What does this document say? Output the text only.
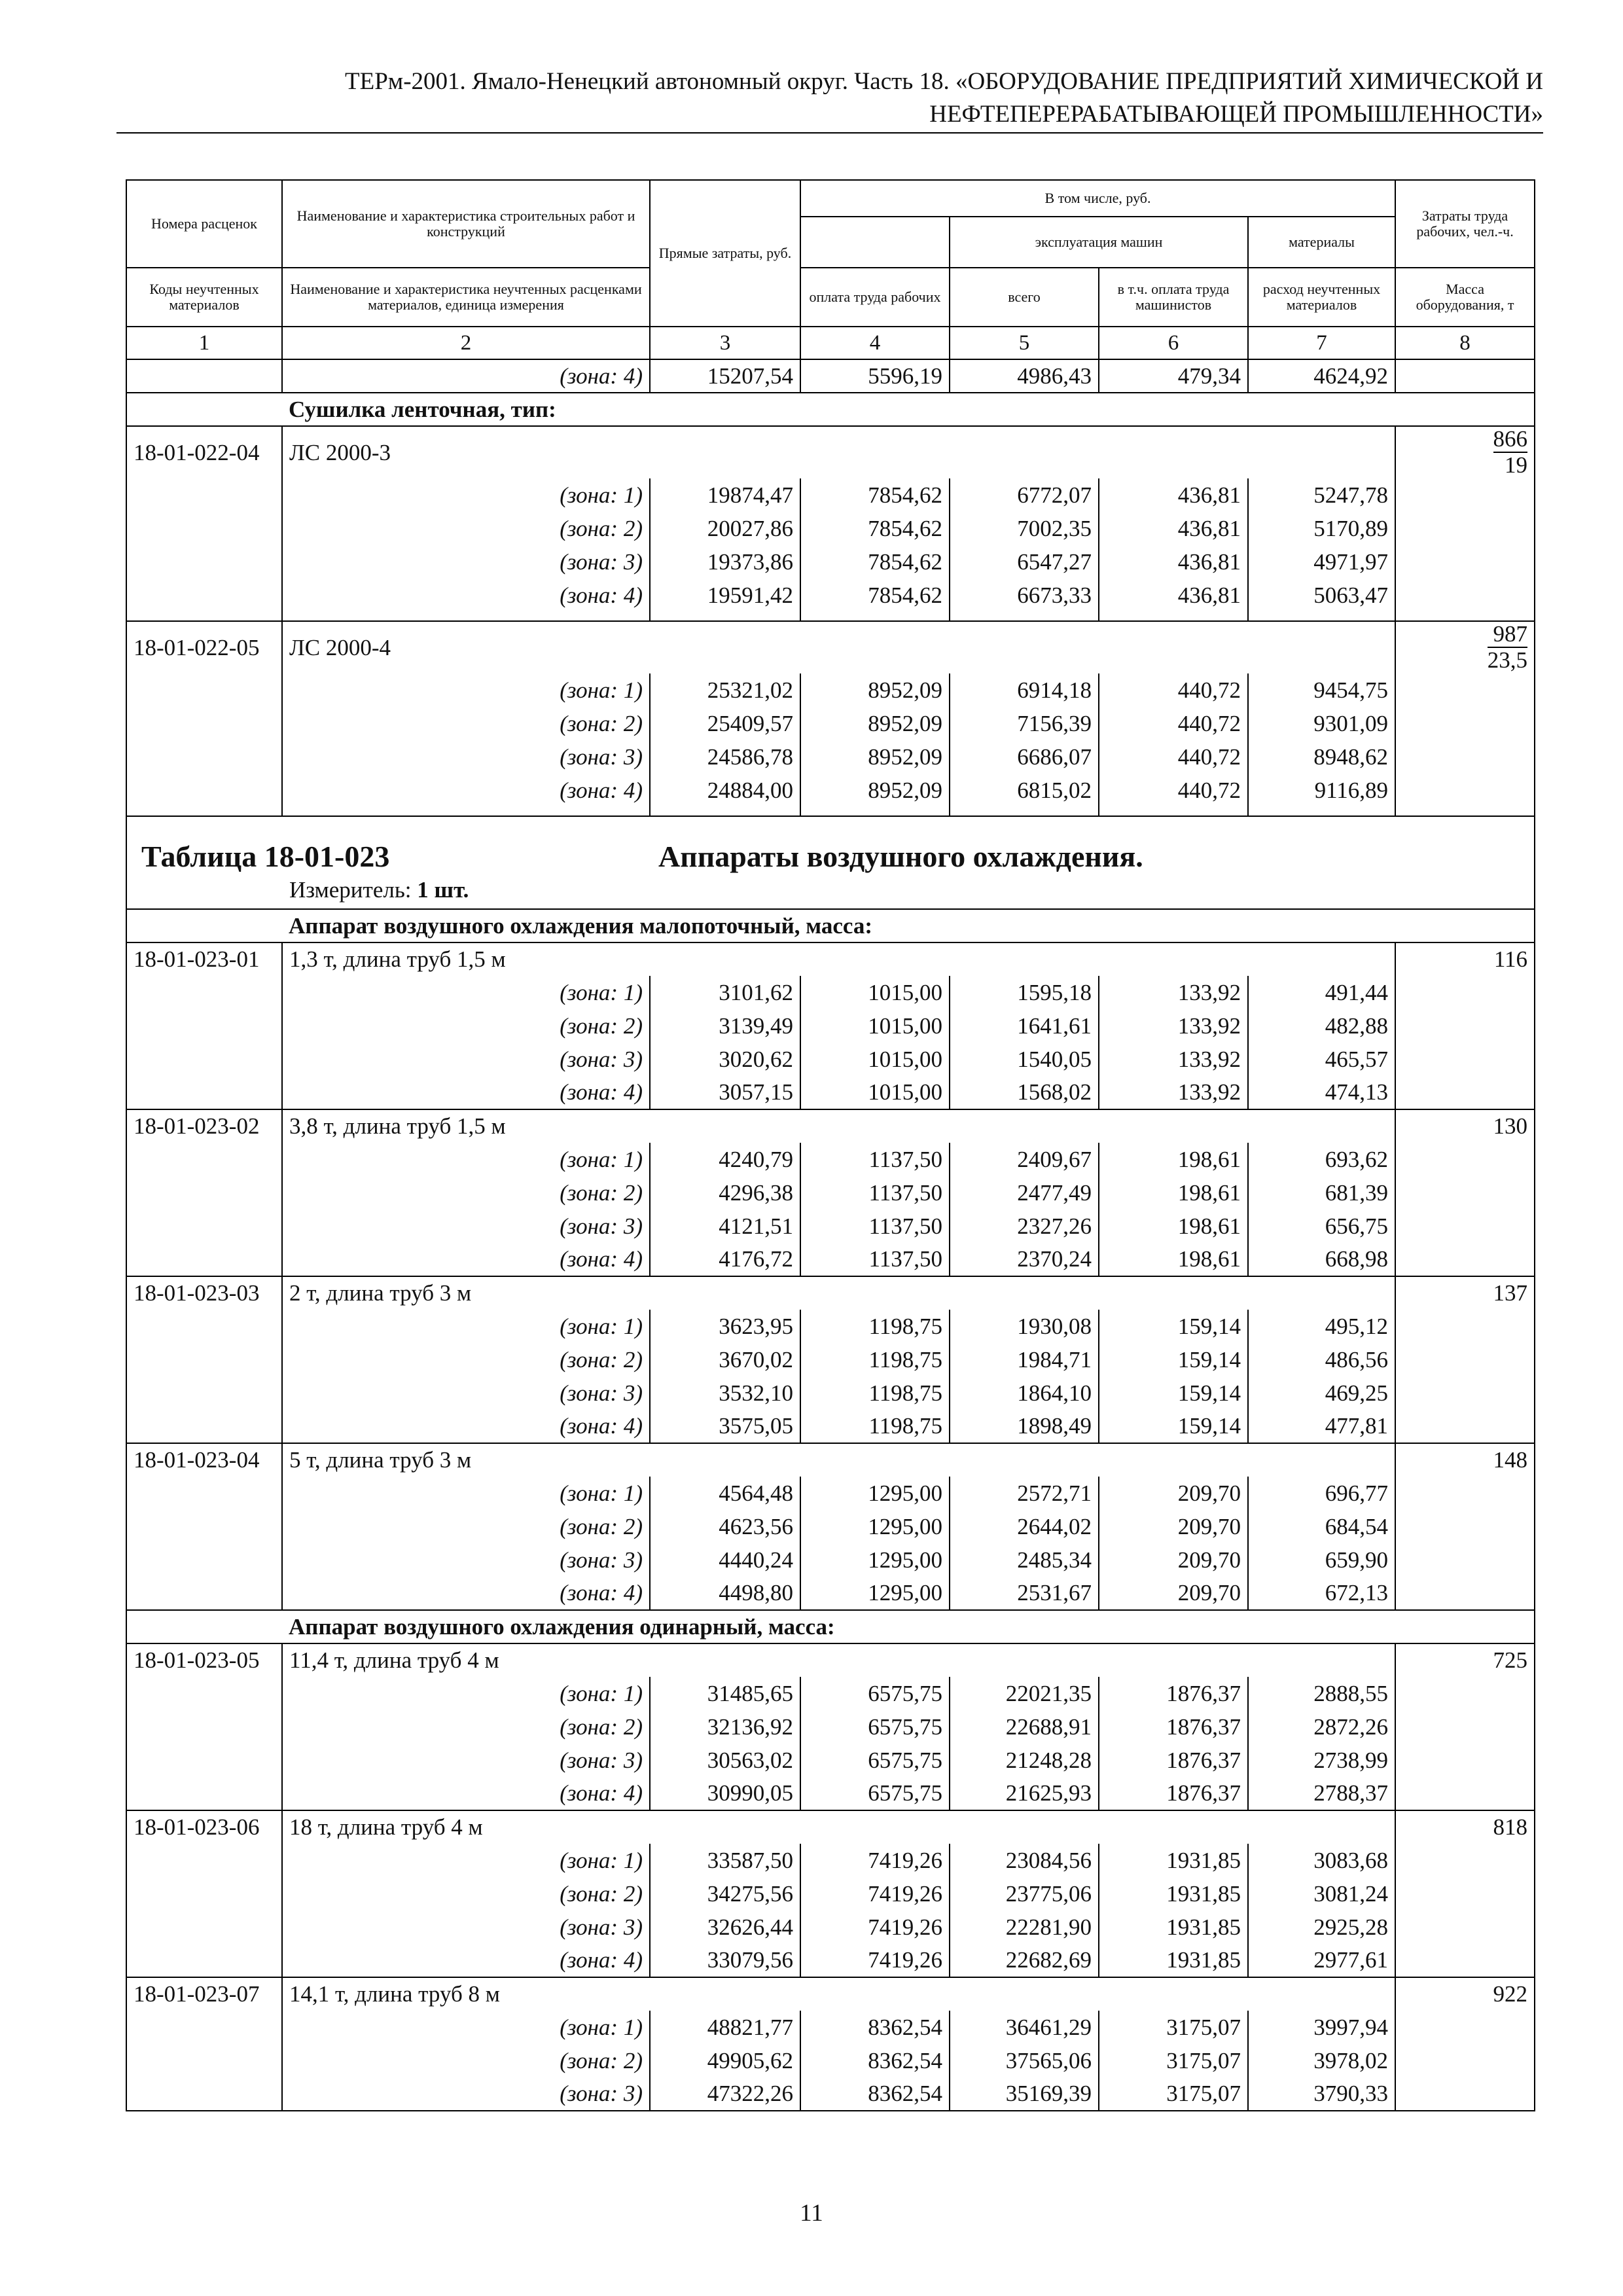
ТЕРм-2001. Ямало-Ненецкий автономный округ. Часть 18. «ОБОРУДОВАНИЕ ПРЕДПРИЯТИЙ ХИМИЧЕСКОЙ И
НЕФТЕПЕРЕРАБАТЫВАЮЩЕЙ ПРОМЫШЛЕННОСТИ»
Номера расценок	Наименование и характеристика строительных работ и конструкций	Прямые затраты, руб.	В том числе, руб.				Затраты труда рабочих, чел.-ч.
				эксплуатация машин		материалы	
Коды неучтенных материалов	Наименование и характеристика неучтенных расценками материалов, единица измерения		оплата труда рабочих	всего	в т.ч. оплата труда машинистов	расход неучтенных материалов	Масса оборудования, т
1	2	3	4	5	6	7	8
	(зона: 4)	15207,54	5596,19	4986,43	479,34	4624,92	
	Сушилка ленточная, тип:						
18-01-022-04	ЛС 2000-3						$\frac{866}{19}$

	(зона: 1)	19874,47	7854,62	6772,07	436,81	5247,78	
	(зона: 2)	20027,86	7854,62	7002,35	436,81	5170,89	
	(зона: 3)	19373,86	7854,62	6547,27	436,81	4971,97	
	(зона: 4)	19591,42	7854,62	6673,33	436,81	5063,47	

18-01-022-05	ЛС 2000-4						$\frac{987}{23,5}$

	(зона: 1)	25321,02	8952,09	6914,18	440,72	9454,75	
	(зона: 2)	25409,57	8952,09	7156,39	440,72	9301,09	
	(зона: 3)	24586,78	8952,09	6686,07	440,72	8948,62	
	(зона: 4)	24884,00	8952,09	6815,02	440,72	9116,89	

Таблица 18-01-023 Аппараты воздушного охлаждения.
Измеритель: 1 шт.							

	Аппарат воздушного охлаждения малопоточный, масса:						
18-01-023-01	1,3 т, длина труб 1,5 м						116
	(зона: 1)	3101,62	1015,00	1595,18	133,92	491,44	
	(зона: 2)	3139,49	1015,00	1641,61	133,92	482,88	
	(зона: 3)	3020,62	1015,00	1540,05	133,92	465,57	
	(зона: 4)	3057,15	1015,00	1568,02	133,92	474,13	
18-01-023-02	3,8 т, длина труб 1,5 м						130
	(зона: 1)	4240,79	1137,50	2409,67	198,61	693,62	
	(зона: 2)	4296,38	1137,50	2477,49	198,61	681,39	
	(зона: 3)	4121,51	1137,50	2327,26	198,61	656,75	
	(зона: 4)	4176,72	1137,50	2370,24	198,61	668,98	
18-01-023-03	2 т, длина труб 3 м						137
	(зона: 1)	3623,95	1198,75	1930,08	159,14	495,12	
	(зона: 2)	3670,02	1198,75	1984,71	159,14	486,56	
	(зона: 3)	3532,10	1198,75	1864,10	159,14	469,25	
	(зона: 4)	3575,05	1198,75	1898,49	159,14	477,81	
18-01-023-04	5 т, длина труб 3 м						148
	(зона: 1)	4564,48	1295,00	2572,71	209,70	696,77	
	(зона: 2)	4623,56	1295,00	2644,02	209,70	684,54	
	(зона: 3)	4440,24	1295,00	2485,34	209,70	659,90	
	(зона: 4)	4498,80	1295,00	2531,67	209,70	672,13	
	Аппарат воздушного охлаждения одинарный, масса:						
18-01-023-05	11,4 т, длина труб 4 м						725
	(зона: 1)	31485,65	6575,75	22021,35	1876,37	2888,55	
	(зона: 2)	32136,92	6575,75	22688,91	1876,37	2872,26	
	(зона: 3)	30563,02	6575,75	21248,28	1876,37	2738,99	
	(зона: 4)	30990,05	6575,75	21625,93	1876,37	2788,37	
18-01-023-06	18 т, длина труб 4 м						818
	(зона: 1)	33587,50	7419,26	23084,56	1931,85	3083,68	
	(зона: 2)	34275,56	7419,26	23775,06	1931,85	3081,24	
	(зона: 3)	32626,44	7419,26	22281,90	1931,85	2925,28	
	(зона: 4)	33079,56	7419,26	22682,69	1931,85	2977,61	
18-01-023-07	14,1 т, длина труб 8 м						922
	(зона: 1)	48821,77	8362,54	36461,29	3175,07	3997,94	
	(зона: 2)	49905,62	8362,54	37565,06	3175,07	3978,02	
	(зона: 3)	47322,26	8362,54	35169,39	3175,07	3790,33	
11
